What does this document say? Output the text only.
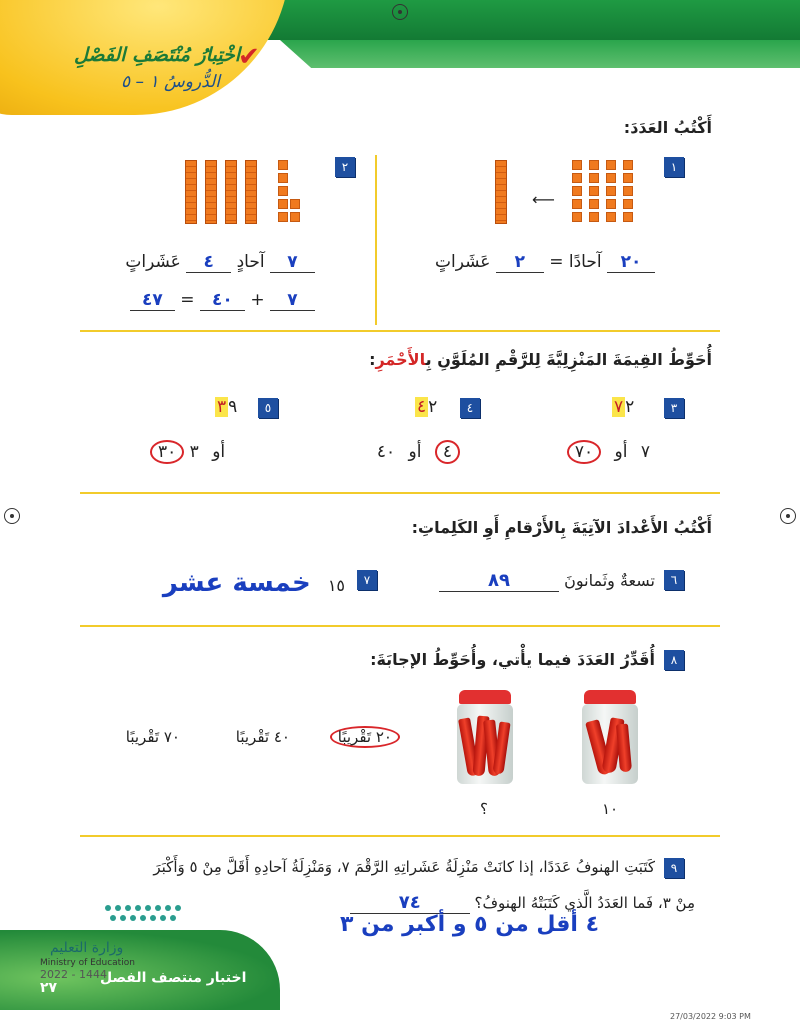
اخْتِبارُ مُنْتَصَفِ الفَصْلِ
الدُّروسُ ١ – ٥
✔
أَكْتُبُ العَدَدَ:
١
⟵
٢٠ آحادًا = ٢ عَشَراتٍ
٢
٧ آحادٍ ٤ عَشَراتٍ
٧ + ٤٠ = ٤٧
أُحَوِّطُ القِيمَةَ المَنْزِلِيَّةَ لِلرَّقْمِ المُلَوَّنِ بِالأَحْمَرِ:
٣
٧ ٢
٧ أو ٧٠
٤
٤ ٢
٤ أو ٤٠
٥
٣ ٩
٣٠ أو ٣
أَكْتُبُ الأَعْدادَ الآتِيَةَ بِالأَرْقامِ أَوِ الكَلِماتِ:
٦
تسعةٌ وثَمانونَ ٨٩
٧
١٥ خمسة عشر
٨
أُقَدِّرُ العَدَدَ فيما يأْتي، وأُحَوِّطُ الإجابَةَ:
١٠
؟
٢٠ تَقْريبًا
٤٠ تَقْريبًا
٧٠ تَقْريبًا
٩
كَتَبَتِ الهنوفُ عَدَدًا، إذا كانَتْ مَنْزِلَةُ عَشَراتِهِ الرَّقْمَ ٧، وَمَنْزِلَةُ آحادِهِ أَقَلَّ مِنْ ٥ وَأَكْبَرَ
مِنْ ٣، فَما العَدَدُ الَّذي كَتَبَتْهُ الهنوفُ؟ ٧٤
٤ أقل من ٥ و أكبر من ٣
وزارة التعليم
Ministry of Education
2022 - 1444
اختبار منتصف الفصل
٢٧
27/03/2022 9:03 PM
